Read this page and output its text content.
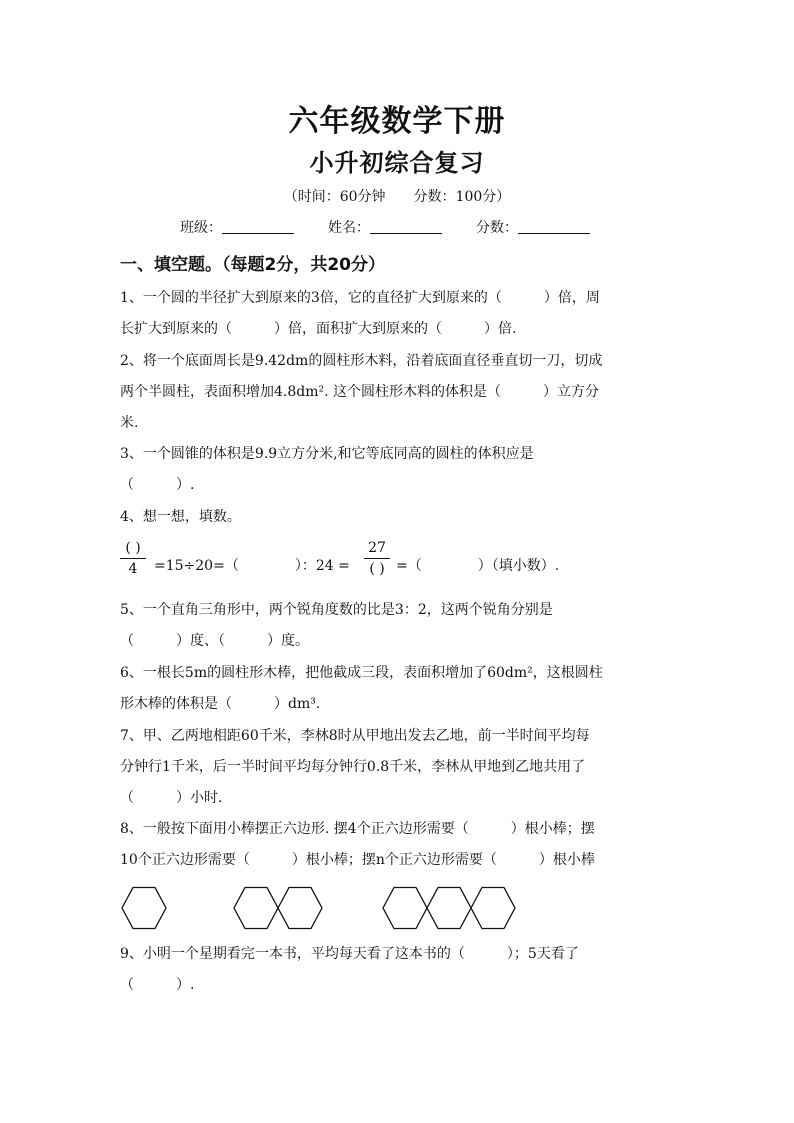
六年级数学下册
小升初综合复习
（时间：60分钟　　分数：100分）
班级：	姓名：	分数：
一、填空题。（每题2分，共20分）
1、一个圆的半径扩大到原来的3倍，它的直径扩大到原来的（　　　）倍，周
长扩大到原来的（　　　）倍，面积扩大到原来的（　　　）倍.
2、将一个底面周长是9.42dm的圆柱形木料，沿着底面直径垂直切一刀，切成
两个半圆柱，表面积增加4.8dm². 这个圆柱形木料的体积是（　　　）立方分
米.
3、一个圆锥的体积是9.9立方分米,和它等底同高的圆柱的体积应是
（　　　）.
4、想一想，填数。
( )
4	=15÷20=（　　　　）：24 =
27
( ) =（　　　　）（填小数）.
5、一个直角三角形中，两个锐角度数的比是3：2，这两个锐角分别是
（　　　）度、（　　　）度。
6、一根长5m的圆柱形木棒，把他截成三段，表面积增加了60dm²，这根圆柱
形木棒的体积是（　　　）dm³.
7、甲、乙两地相距60千米，李林8时从甲地出发去乙地，前一半时间平均每
分钟行1千米，后一半时间平均每分钟行0.8千米，李林从甲地到乙地共用了
（　　　）小时.
8、一般按下面用小棒摆正六边形. 摆4个正六边形需要（　　　）根小棒；摆
10个正六边形需要（　　　）根小棒；摆n个正六边形需要（　　　）根小棒
9、小明一个星期看完一本书，平均每天看了这本书的（　　　）；5天看了
（　　　）.
